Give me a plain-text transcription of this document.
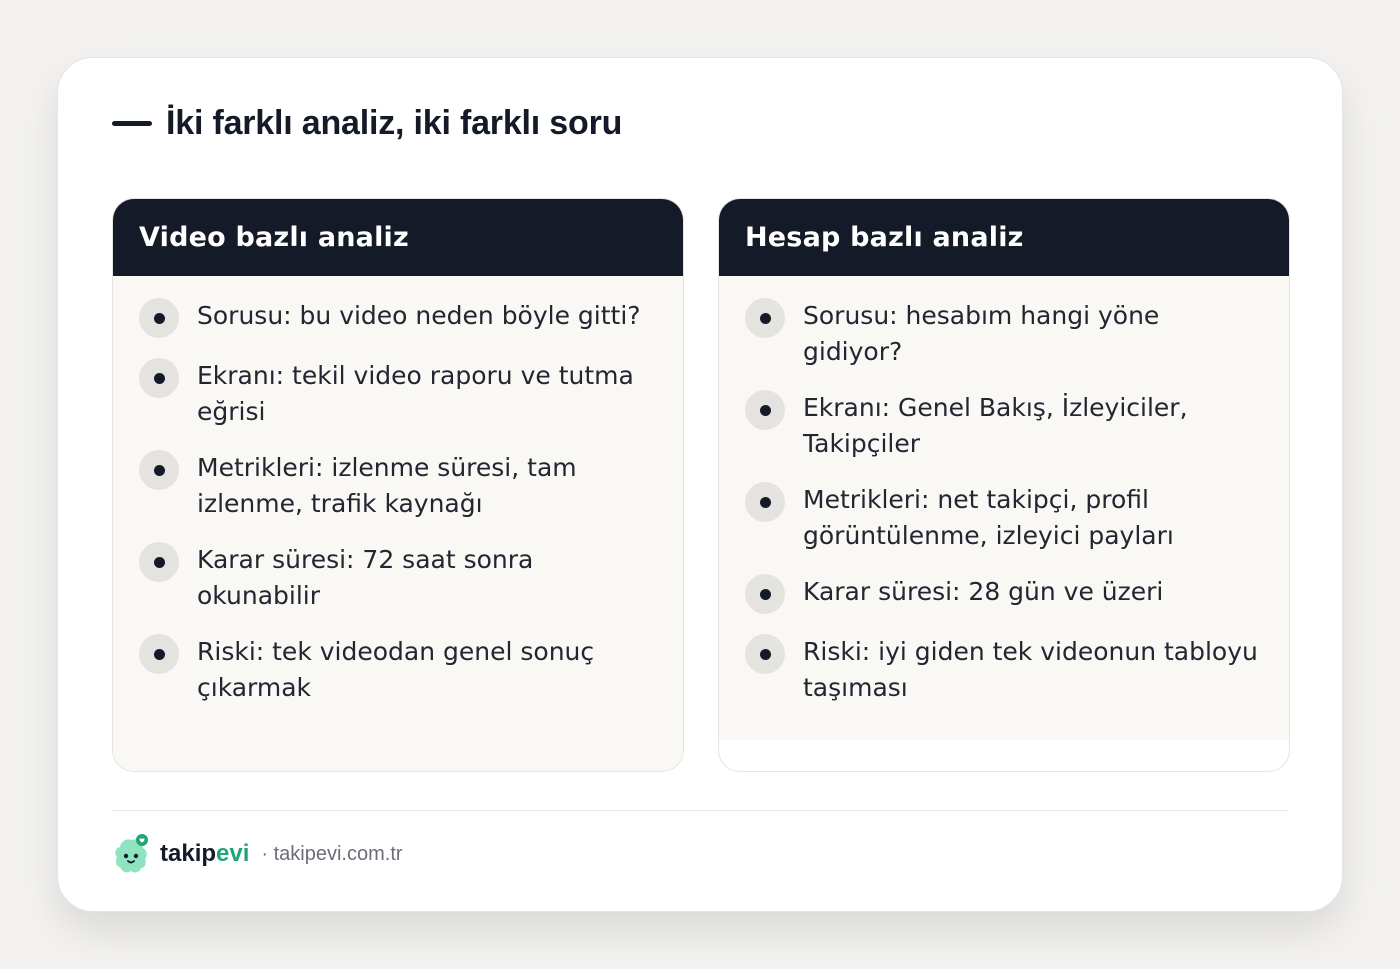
İki farklı analiz, iki farklı soru
Video bazlı analiz
Sorusu: bu video neden böyle gitti?
Ekranı: tekil video raporu ve tutma eğrisi
Metrikleri: izlenme süresi, tam izlenme, trafik kaynağı
Karar süresi: 72 saat sonra okunabilir
Riski: tek videodan genel sonuç çıkarmak
Hesap bazlı analiz
Sorusu: hesabım hangi yöne gidiyor?
Ekranı: Genel Bakış, İzleyiciler, Takipçiler
Metrikleri: net takipçi, profil görüntülenme, izleyici payları
Karar süresi: 28 gün ve üzeri
Riski: iyi giden tek videonun tabloyu taşıması
takipevi · takipevi.com.tr
